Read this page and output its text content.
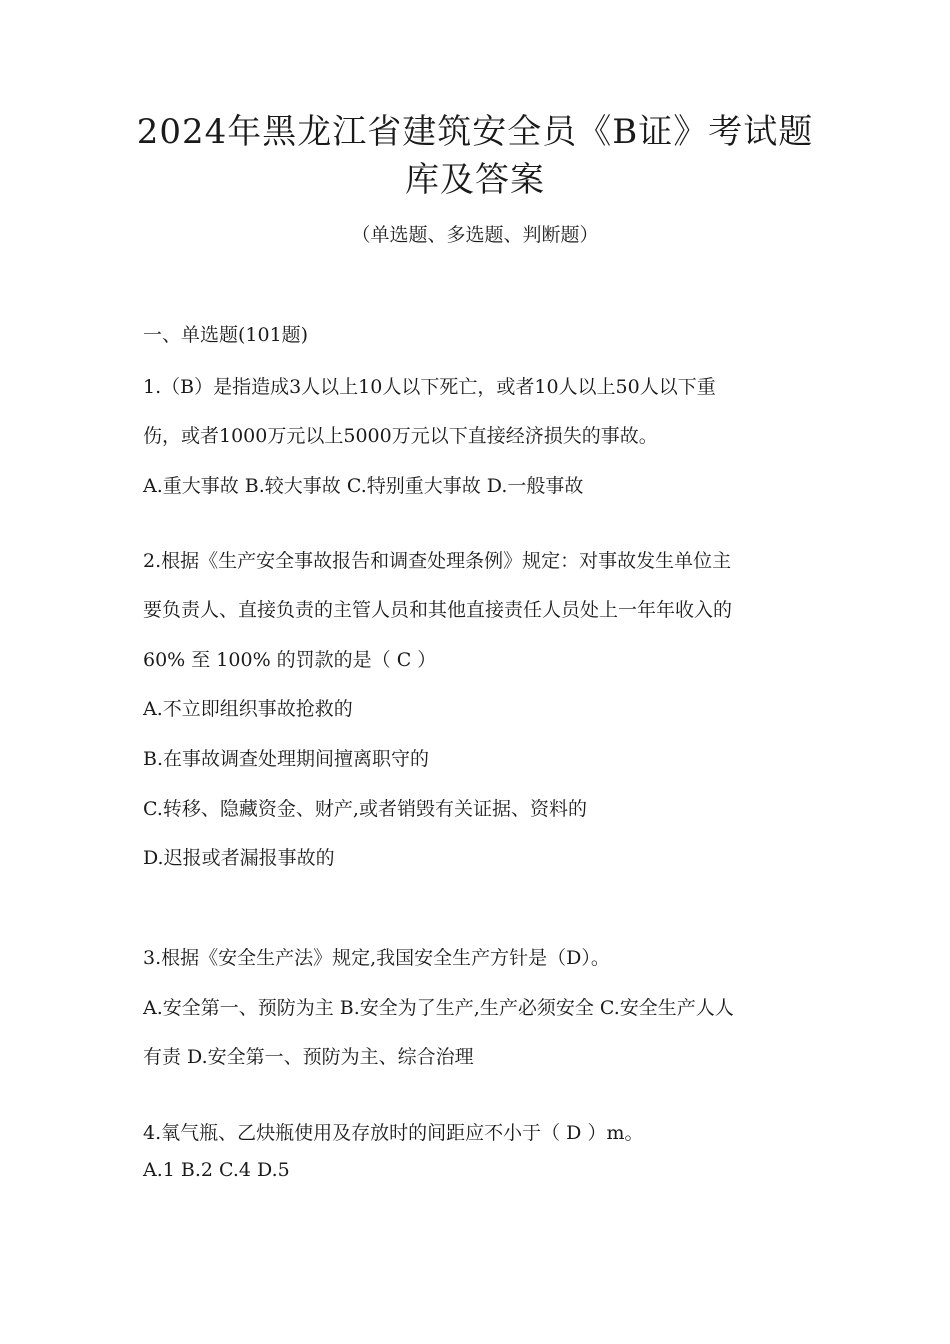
2024年黑龙江省建筑安全员《B证》考试题
库及答案
（单选题、多选题、判断题）
一、单选题(101题)
1.（B）是指造成3人以上10人以下死亡，或者10人以上50人以下重
伤，或者1000万元以上5000万元以下直接经济损失的事故。
A.重大事故 B.较大事故 C.特别重大事故 D.一般事故
2.根据《生产安全事故报告和调查处理条例》规定：对事故发生单位主
要负责人、直接负责的主管人员和其他直接责任人员处上一年年收入的
60% 至 100% 的罚款的是（ C ）
A.不立即组织事故抢救的
B.在事故调查处理期间擅离职守的
C.转移、隐藏资金、财产,或者销毁有关证据、资料的
D.迟报或者漏报事故的
3.根据《安全生产法》规定,我国安全生产方针是（D）。
A.安全第一、预防为主 B.安全为了生产,生产必须安全 C.安全生产人人
有责 D.安全第一、预防为主、综合治理
4.氧气瓶、乙炔瓶使用及存放时的间距应不小于（ D ）m。
A.1 B.2 C.4 D.5
